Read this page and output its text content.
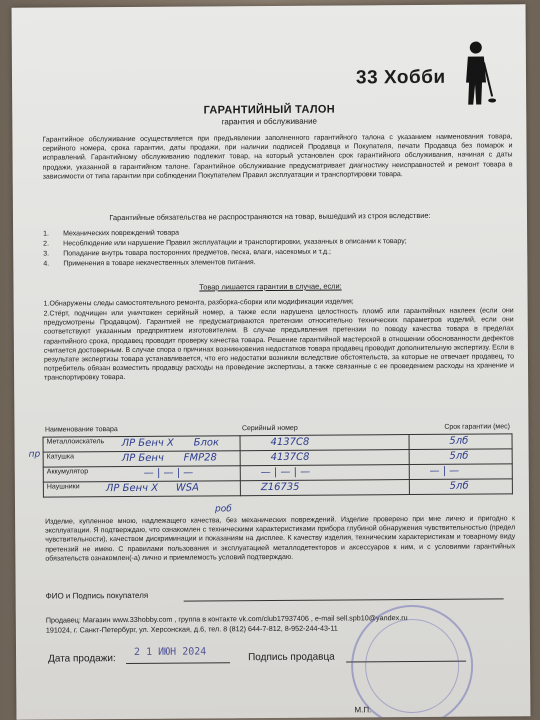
33 Хобби
ГАРАНТИЙНЫЙ ТАЛОН
гарантия и обслуживание
Гарантийное обслуживание осуществляется при предъявлении заполненного гарантийного талона с указанием наименования товара, серийного номера, срока гарантии, даты продажи, при наличии подписей Продавца и Покупателя, печати Продавца без помарок и исправлений. Гарантийному обслуживанию подлежит товар, на который установлен срок гарантийного обслуживания, начиная с даты продажи, указанной в гарантийном талоне. Гарантийное обслуживание предусматривает диагностику неисправностей и ремонт товара в зависимости от типа гарантии при соблюдении Покупателем Правил эксплуатации и транспортировки товара.
Гарантийные обязательства не распространяются на товар, вышедший из строя вследствие:
1. Механических повреждений товара
2. Несоблюдение или нарушение Правил эксплуатации и транспортировки, указанных в описании к товару;
3. Попадание внутрь товара посторонних предметов, песка, влаги, насекомых и т.д.;
4. Применения в товаре некачественных элементов питания.
Товар лишается гарантии в случае, если:
1.Обнаружены следы самостоятельного ремонта, разборка-сборки или модификации изделия;
2.Стёрт, подчищен или уничтожен серийный номер, а также если нарушена целостность пломб или гарантийных наклеек (если они предусмотрены Продавцом). Гарантией не предусматриваются претензии относительно технических параметров изделий, если они соответствуют указанным предприятием изготовителем. В случае предъявления претензии по поводу качества товара в пределах гарантийного срока, продавец проводит проверку качества товара. Решение гарантийной мастерской в отношении обоснованности дефектов считается достоверным. В случае спора о причинах возникновения недостатков товара продавец проводит дополнительную экспертизу. Если в результате экспертизы товара устанавливается, что его недостатки возникли вследствие обстоятельств, за которые не отвечает продавец, то потребитель обязан возместить продавцу расходы на проведение экспертизы, а также связанные с ее проведением расходы на хранение и транспортировку товара.
Наименование товара	Серийный номер	Срок гарантии (мес)

Металлоискатель ЛР Бенч X Блок	4137С8	5лб

Катушка ЛР Бенч FMP28	4137С8	5лб

Аккумулятор — | — | —	— | — | —	— | —

Наушники ЛР Бенч X WSA	Z16735	5лб
пр
роб
Изделие, купленное мною, надлежащего качества, без механических повреждений. Изделие проверено при мне лично и пригодно к эксплуатации. Я подтверждаю, что ознакомлен с техническими характеристиками прибора глубиной обнаружения чувствительностью (предел чувствительности), качеством дискриминации и показаниям на дисплее. К качеству изделия, техническим характеристикам и товарному виду претензий не имею. С правилами пользования и эксплуатацией металлодетекторов и аксессуаров к ним, и с условиями гарантийных обязательств ознакомлен(-а) лично и приемлемость условий подтверждаю.
ФИО и Подпись покупателя
Продавец: Магазин www.33hobby.com , группа в контакте vk.com/club17937406 , e-mail sell.spb10@yandex.ru
191024, г. Санкт-Петербург, ул. Херсонская, д.6, тел. 8 (812) 644-7-812, 8-952-244-43-11
Дата продажи:
2 1 ИЮН 2024	Подпись продавца
М.П.
